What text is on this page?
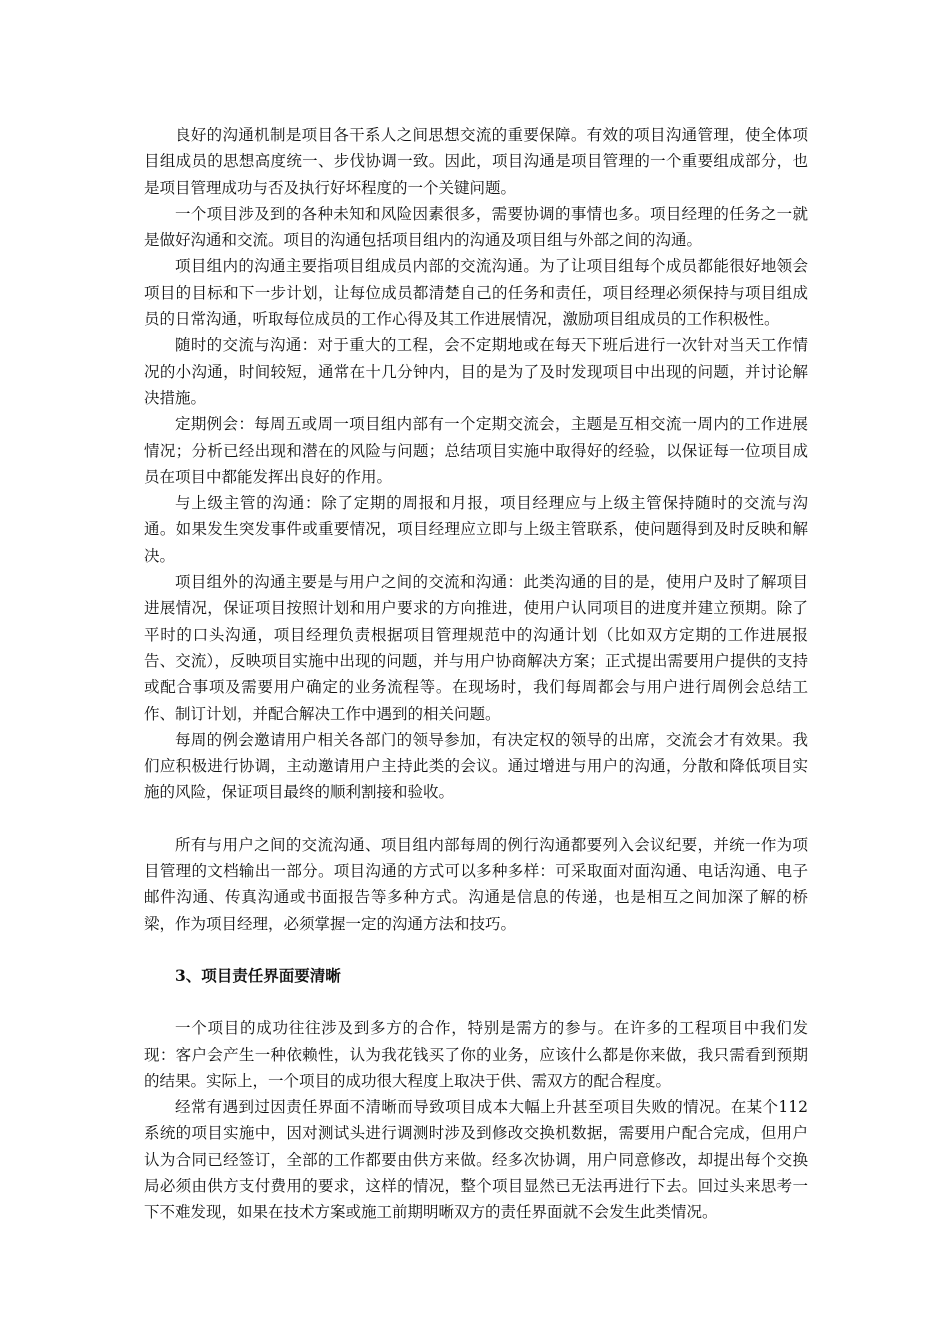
良好的沟通机制是项目各干系人之间思想交流的重要保障。有效的项目沟通管理，使全体项目组成员的思想高度统一、步伐协调一致。因此，项目沟通是项目管理的一个重要组成部分，也是项目管理成功与否及执行好坏程度的一个关键问题。

一个项目涉及到的各种未知和风险因素很多，需要协调的事情也多。项目经理的任务之一就是做好沟通和交流。项目的沟通包括项目组内的沟通及项目组与外部之间的沟通。

项目组内的沟通主要指项目组成员内部的交流沟通。为了让项目组每个成员都能很好地领会项目的目标和下一步计划，让每位成员都清楚自己的任务和责任，项目经理必须保持与项目组成员的日常沟通，听取每位成员的工作心得及其工作进展情况，激励项目组成员的工作积极性。

随时的交流与沟通：对于重大的工程，会不定期地或在每天下班后进行一次针对当天工作情况的小沟通，时间较短，通常在十几分钟内，目的是为了及时发现项目中出现的问题，并讨论解决措施。

定期例会：每周五或周一项目组内部有一个定期交流会，主题是互相交流一周内的工作进展情况；分析已经出现和潜在的风险与问题；总结项目实施中取得好的经验，以保证每一位项目成员在项目中都能发挥出良好的作用。

与上级主管的沟通：除了定期的周报和月报，项目经理应与上级主管保持随时的交流与沟通。如果发生突发事件或重要情况，项目经理应立即与上级主管联系，使问题得到及时反映和解决。

项目组外的沟通主要是与用户之间的交流和沟通：此类沟通的目的是，使用户及时了解项目进展情况，保证项目按照计划和用户要求的方向推进，使用户认同项目的进度并建立预期。除了平时的口头沟通，项目经理负责根据项目管理规范中的沟通计划（比如双方定期的工作进展报告、交流），反映项目实施中出现的问题，并与用户协商解决方案；正式提出需要用户提供的支持或配合事项及需要用户确定的业务流程等。在现场时，我们每周都会与用户进行周例会总结工作、制订计划，并配合解决工作中遇到的相关问题。

每周的例会邀请用户相关各部门的领导参加，有决定权的领导的出席，交流会才有效果。我们应积极进行协调，主动邀请用户主持此类的会议。通过增进与用户的沟通，分散和降低项目实施的风险，保证项目最终的顺利割接和验收。

所有与用户之间的交流沟通、项目组内部每周的例行沟通都要列入会议纪要，并统一作为项目管理的文档输出一部分。项目沟通的方式可以多种多样：可采取面对面沟通、电话沟通、电子邮件沟通、传真沟通或书面报告等多种方式。沟通是信息的传递，也是相互之间加深了解的桥梁，作为项目经理，必须掌握一定的沟通方法和技巧。

3、项目责任界面要清晰

一个项目的成功往往涉及到多方的合作，特别是需方的参与。在许多的工程项目中我们发现：客户会产生一种依赖性，认为我花钱买了你的业务，应该什么都是你来做，我只需看到预期的结果。实际上，一个项目的成功很大程度上取决于供、需双方的配合程度。

经常有遇到过因责任界面不清晰而导致项目成本大幅上升甚至项目失败的情况。在某个112系统的项目实施中，因对测试头进行调测时涉及到修改交换机数据，需要用户配合完成，但用户认为合同已经签订，全部的工作都要由供方来做。经多次协调，用户同意修改，却提出每个交换局必须由供方支付费用的要求，这样的情况，整个项目显然已无法再进行下去。回过头来思考一下不难发现，如果在技术方案或施工前期明晰双方的责任界面就不会发生此类情况。
